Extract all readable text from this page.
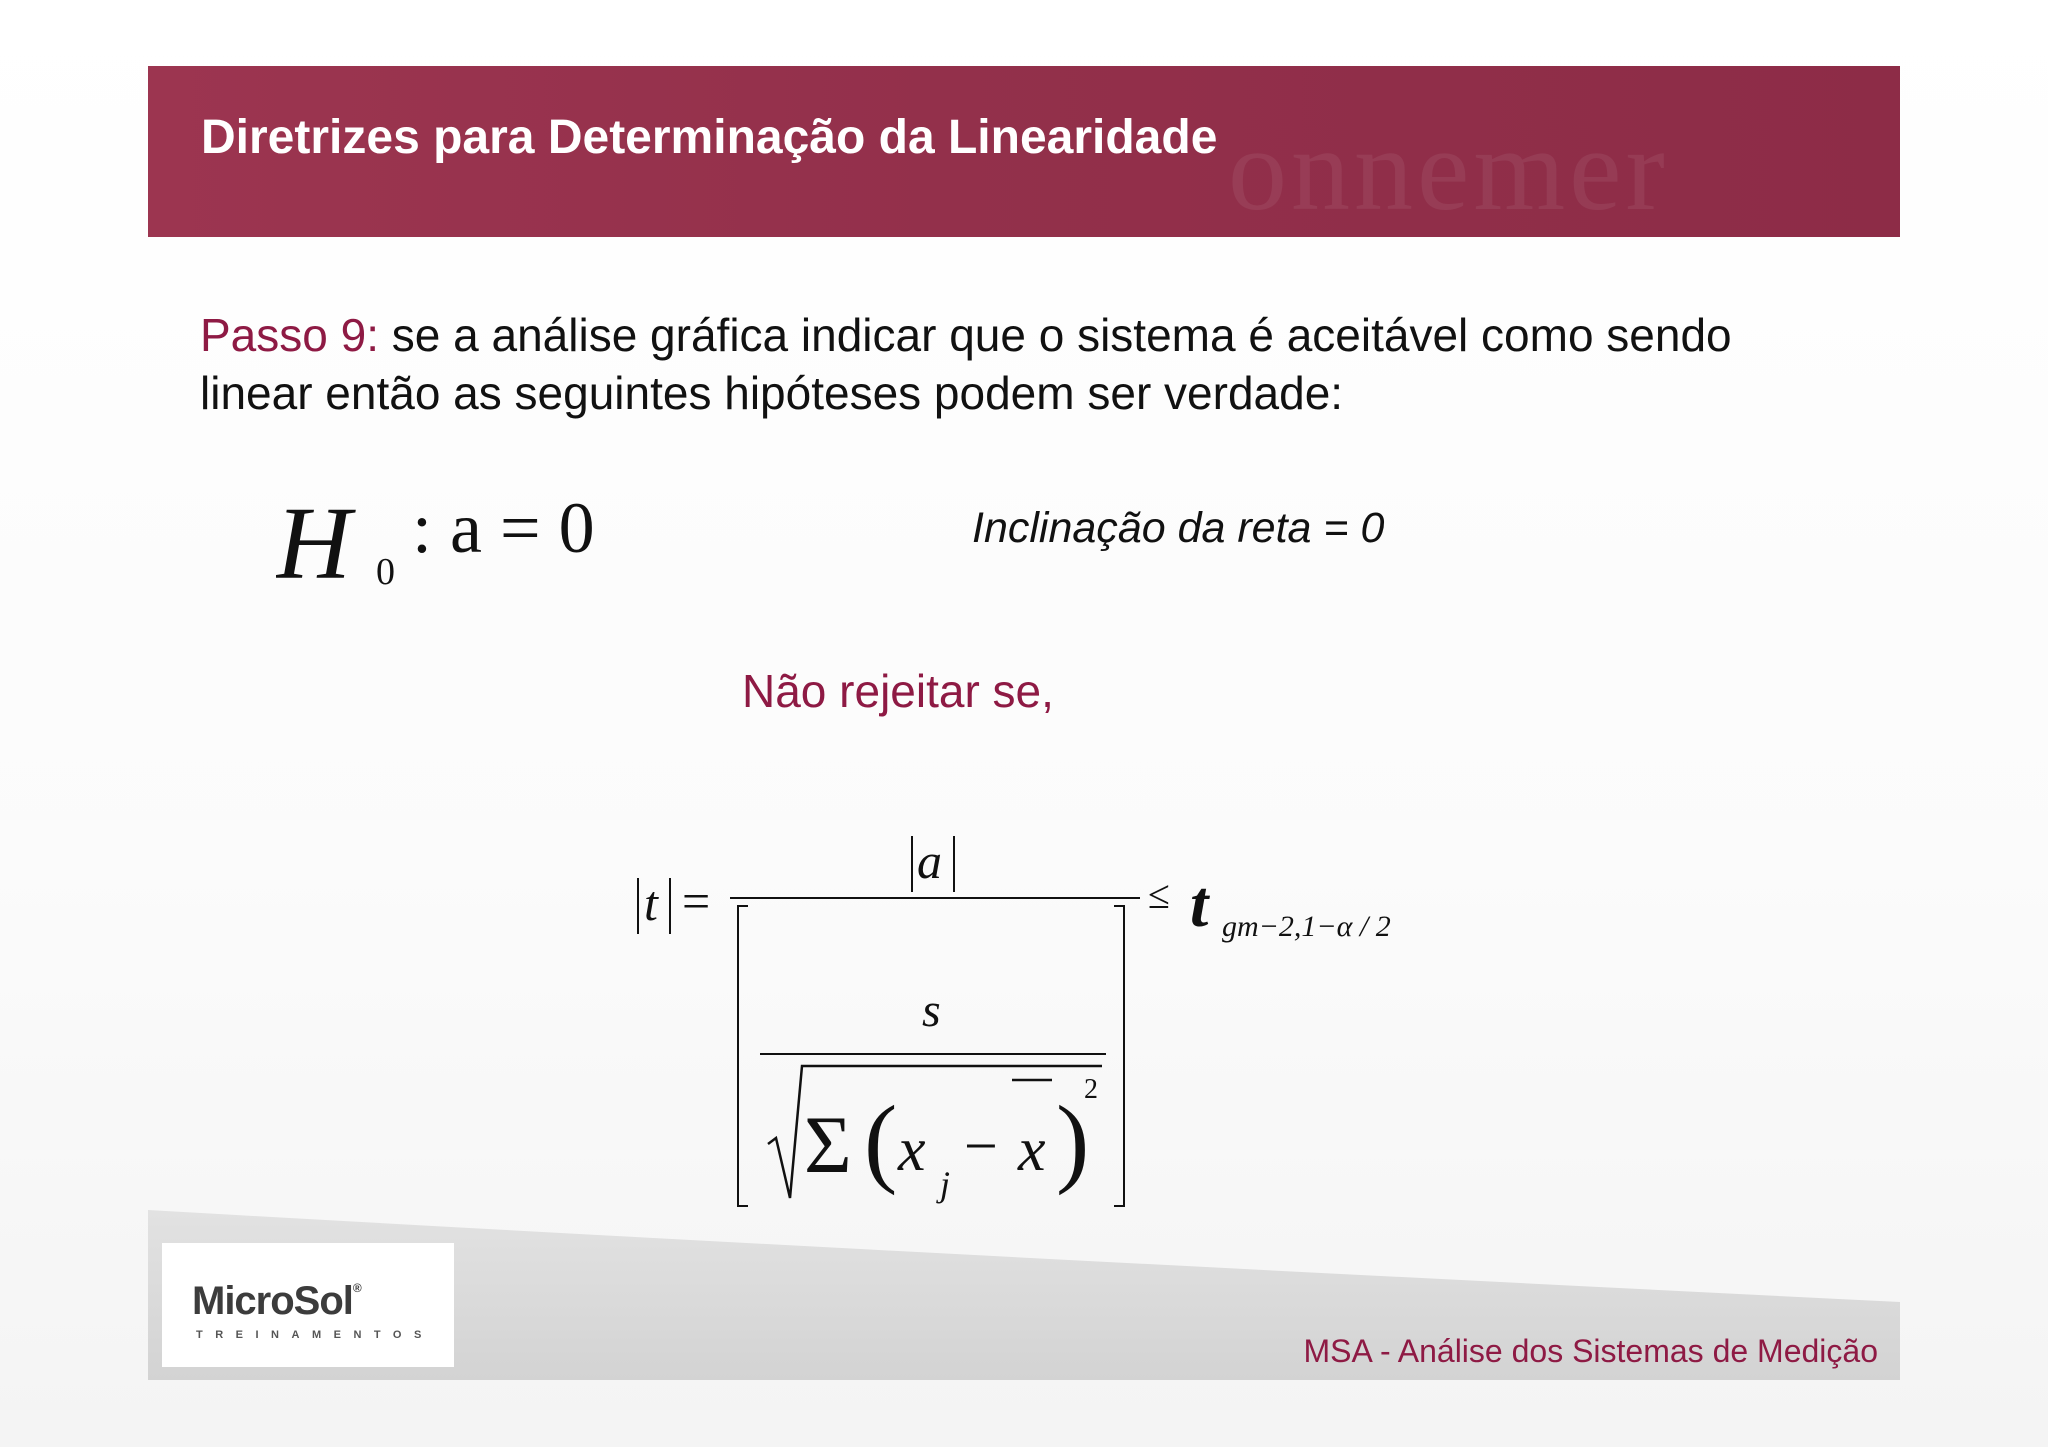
onnemer
Diretrizes para Determinação da Linearidade
Passo 9: se a análise gráfica indicar que o sistema é aceitável como sendo linear então as seguintes hipóteses podem ser verdade:
H 0
: a = 0	Inclinação da reta = 0
Não rejeitar se,
t =
a
s
Σ ( x j
− x )
2
≤ t gm−2,1−α / 2
MicroSol®
TREINAMENTOS	MSA - Análise dos Sistemas de Medição
